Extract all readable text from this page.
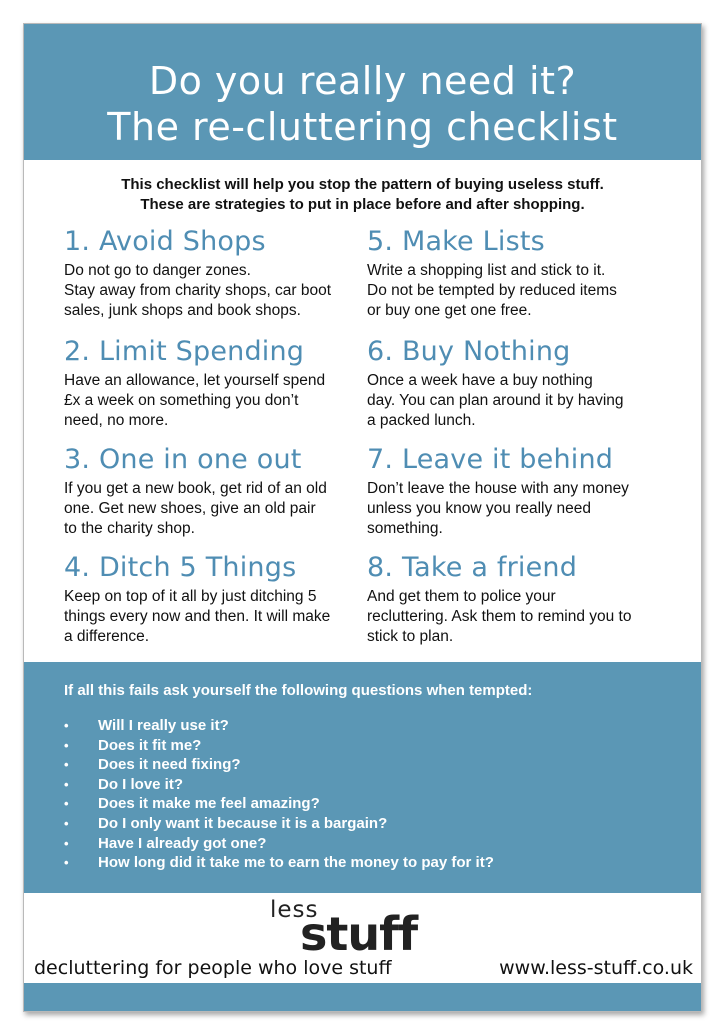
Do you really need it?
The re-cluttering checklist
This checklist will help you stop the pattern of buying useless stuff.
These are strategies to put in place before and after shopping.
1. Avoid Shops
Do not go to danger zones.
Stay away from charity shops, car boot
sales, junk shops and book shops.
2. Limit Spending
Have an allowance, let yourself spend
£x a week on something you don’t
need, no more.
3. One in one out
If you get a new book, get rid of an old
one. Get new shoes, give an old pair
to the charity shop.
4. Ditch 5 Things
Keep on top of it all by just ditching 5
things every now and then. It will make
a difference.
5. Make Lists
Write a shopping list and stick to it.
Do not be tempted by reduced items
or buy one get one free.
6. Buy Nothing
Once a week have a buy nothing
day. You can plan around it by having
a packed lunch.
7. Leave it behind
Don’t leave the house with any money
unless you know you really need
something.
8. Take a friend
And get them to police your
recluttering. Ask them to remind you to
stick to plan.
If all this fails ask yourself the following questions when tempted:
• Will I really use it?
• Does it fit me?
• Does it need fixing?
• Do I love it?
• Does it make me feel amazing?
• Do I only want it because it is a bargain?
• Have I already got one?
• How long did it take me to earn the money to pay for it?
less
stuff
decluttering for people who love stuff	www.less-stuff.co.uk
